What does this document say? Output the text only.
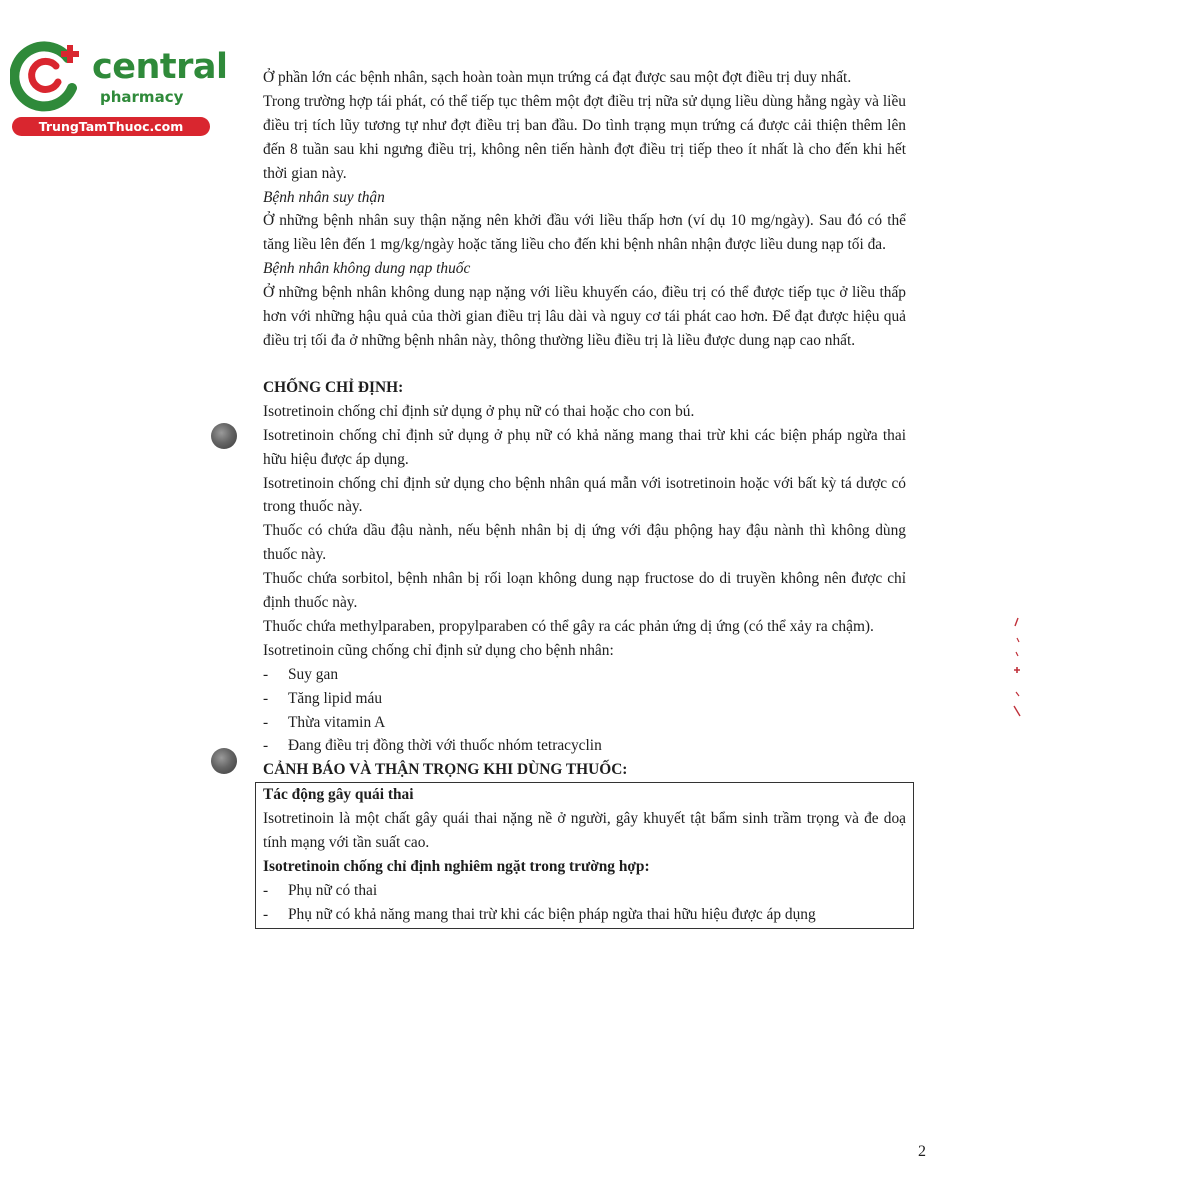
central
pharmacy
TrungTamThuoc.com

Ở phần lớn các bệnh nhân, sạch hoàn toàn mụn trứng cá đạt được sau một đợt điều trị duy nhất.

Trong trường hợp tái phát, có thể tiếp tục thêm một đợt điều trị nữa sử dụng liều dùng hằng ngày và liều điều trị tích lũy tương tự như đợt điều trị ban đầu. Do tình trạng mụn trứng cá được cải thiện thêm lên đến 8 tuần sau khi ngưng điều trị, không nên tiến hành đợt điều trị tiếp theo ít nhất là cho đến khi hết thời gian này.

Bệnh nhân suy thận

Ở những bệnh nhân suy thận nặng nên khởi đầu với liều thấp hơn (ví dụ 10 mg/ngày). Sau đó có thể tăng liều lên đến 1 mg/kg/ngày hoặc tăng liều cho đến khi bệnh nhân nhận được liều dung nạp tối đa.

Bệnh nhân không dung nạp thuốc

Ở những bệnh nhân không dung nạp nặng với liều khuyến cáo, điều trị có thể được tiếp tục ở liều thấp hơn với những hậu quả của thời gian điều trị lâu dài và nguy cơ tái phát cao hơn. Để đạt được hiệu quả điều trị tối đa ở những bệnh nhân này, thông thường liều điều trị là liều được dung nạp cao nhất.

CHỐNG CHỈ ĐỊNH:

Isotretinoin chống chỉ định sử dụng ở phụ nữ có thai hoặc cho con bú.

Isotretinoin chống chỉ định sử dụng ở phụ nữ có khả năng mang thai trừ khi các biện pháp ngừa thai hữu hiệu được áp dụng.

Isotretinoin chống chỉ định sử dụng cho bệnh nhân quá mẫn với isotretinoin hoặc với bất kỳ tá dược có trong thuốc này.

Thuốc có chứa dầu đậu nành, nếu bệnh nhân bị dị ứng với đậu phộng hay đậu nành thì không dùng thuốc này.

Thuốc chứa sorbitol, bệnh nhân bị rối loạn không dung nạp fructose do di truyền không nên được chỉ định thuốc này.

Thuốc chứa methylparaben, propylparaben có thể gây ra các phản ứng dị ứng (có thể xảy ra chậm).

Isotretinoin cũng chống chỉ định sử dụng cho bệnh nhân:

-	Suy gan
-	Tăng lipid máu
-	Thừa vitamin A
-	Đang điều trị đồng thời với thuốc nhóm tetracyclin

CẢNH BÁO VÀ THẬN TRỌNG KHI DÙNG THUỐC:

Tác động gây quái thai

Isotretinoin là một chất gây quái thai nặng nề ở người, gây khuyết tật bẩm sinh trầm trọng và đe doạ tính mạng với tần suất cao.

Isotretinoin chống chỉ định nghiêm ngặt trong trường hợp:

-	Phụ nữ có thai
-	Phụ nữ có khả năng mang thai trừ khi các biện pháp ngừa thai hữu hiệu được áp dụng
2
